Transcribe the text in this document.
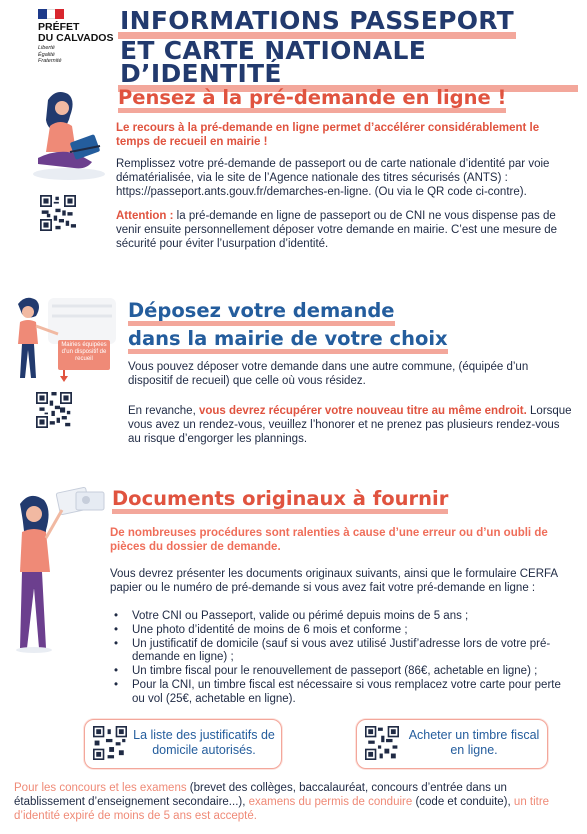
PRÉFET
DU CALVADOS
Liberté
Égalité
Fraternité
INFORMATIONS PASSEPORT
ET CARTE NATIONALE D’IDENTITÉ
Pensez à la pré-demande en ligne !
Le recours à la pré-demande en ligne permet d’accélérer considérablement le temps de recueil en mairie !
Remplissez votre pré-demande de passeport ou de carte nationale d’identité par voie dématérialisée, via le site de l’Agence nationale des titres sécurisés (ANTS) : https://passeport.ants.gouv.fr/demarches-en-ligne. (Ou via le QR code ci-contre).
Attention : la pré-demande en ligne de passeport ou de CNI ne vous dispense pas de venir ensuite personnellement déposer votre demande en mairie. C’est une mesure de sécurité pour éviter l’usurpation d’identité.
Mairies équipées d’un dispositif de recueil
Déposez votre demande
dans la mairie de votre choix
Vous pouvez déposer votre demande dans une autre commune, (équipée d’un dispositif de recueil) que celle où vous résidez.
En revanche, vous devrez récupérer votre nouveau titre au même endroit. Lorsque vous avez un rendez-vous, veuillez l’honorer et ne prenez pas plusieurs rendez-vous au risque d’engorger les plannings.
Documents originaux à fournir
De nombreuses procédures sont ralenties à cause d’une erreur ou d’un oubli de pièces du dossier de demande.
Vous devrez présenter les documents originaux suivants, ainsi que le formulaire CERFA papier ou le numéro de pré-demande si vous avez fait votre pré-demande en ligne :
• Votre CNI ou Passeport, valide ou périmé depuis moins de 5 ans ;
• Une photo d’identité de moins de 6 mois et conforme ;
• Un justificatif de domicile (sauf si vous avez utilisé Justif’adresse lors de votre pré-demande en ligne) ;
• Un timbre fiscal pour le renouvellement de passeport (86€, achetable en ligne) ;
• Pour la CNI, un timbre fiscal est nécessaire si vous remplacez votre carte pour perte ou vol (25€, achetable en ligne).
La liste des justificatifs de domicile autorisés.
Acheter un timbre fiscal en ligne.
Pour les concours et les examens (brevet des collèges, baccalauréat, concours d’entrée dans un établissement d’enseignement secondaire...), examens du permis de conduire (code et conduite), un titre d’identité expiré de moins de 5 ans est accepté.
